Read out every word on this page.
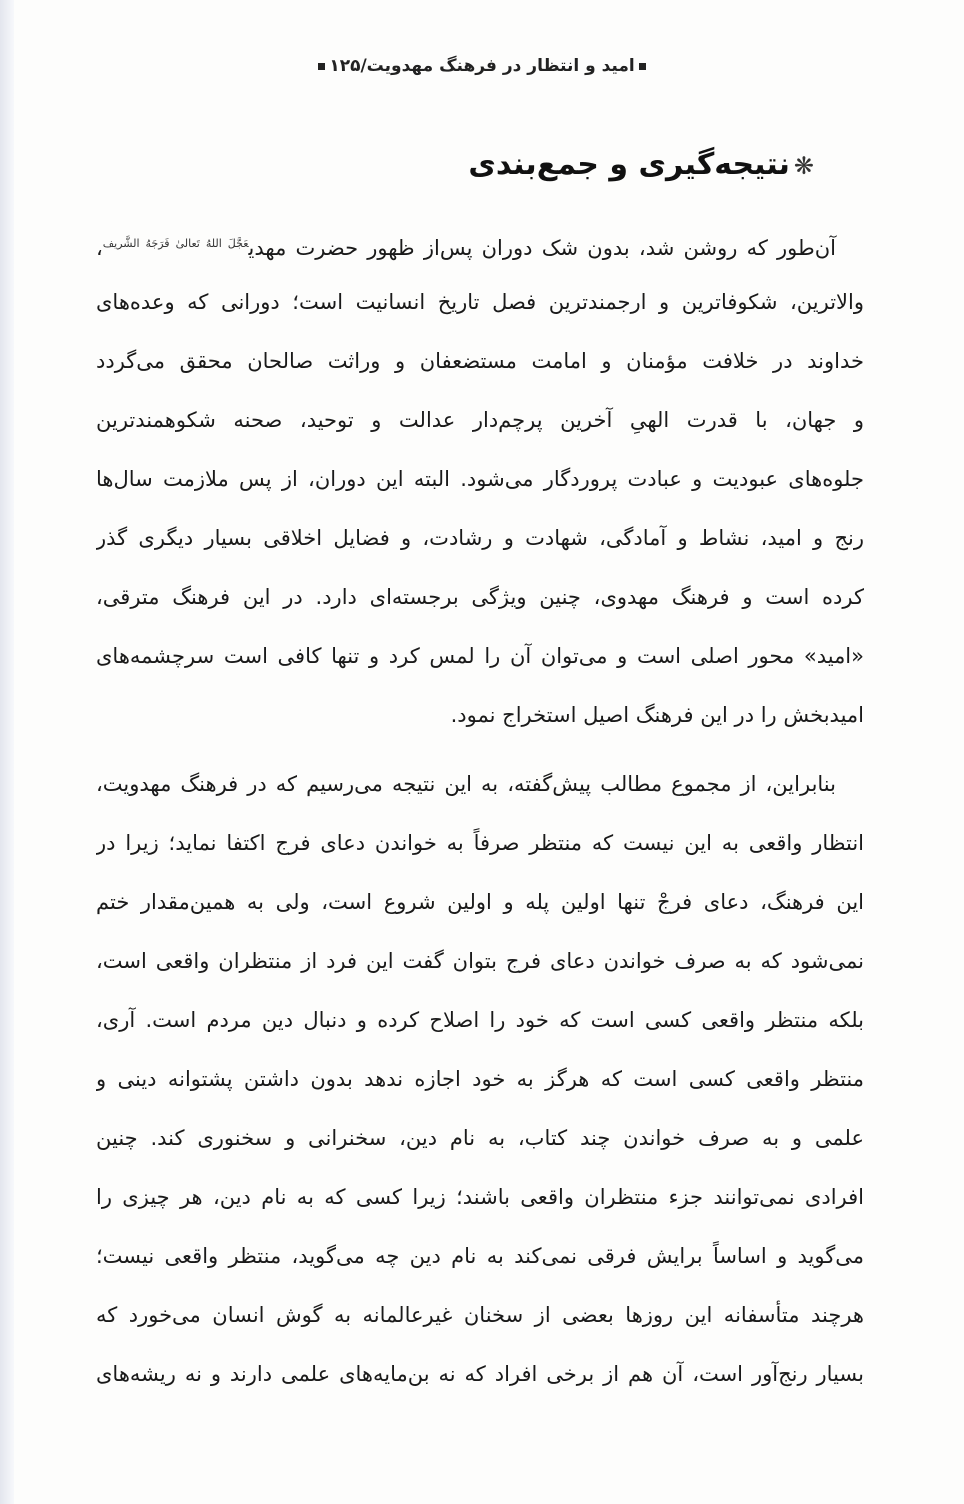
امید و انتظار در فرهنگ مهدویت/۱۲۵
❋نتیجه‌گیری و جمع‌بندی
آن‌طور که روشن شد، بدون شک دوران پس‌از ظهور حضرت مهدی$^{عَجَّلَ اللهُ تَعالیٰ فَرَجَهُ الشَّریف}$،
والاترین، شکوفاترین و ارجمندترین فصل تاریخ انسانیت است؛ دورانی که وعده‌های
خداوند در خلافت مؤمنان و امامت مستضعفان و وراثت صالحان محقق می‌گردد
و جهان، با قدرت الهیِ آخرین پرچم‌دار عدالت و توحید، صحنه شکوهمندترین
جلوه‌های عبودیت و عبادت پروردگار می‌شود. البته این دوران، از پس ملازمت سال‌ها
رنج و امید، نشاط و آمادگی، شهادت و رشادت، و فضایل اخلاقی بسیار دیگری گذر
کرده است و فرهنگ مهدوی، چنین ویژگی برجسته‌ای دارد. در این فرهنگ مترقی،
«امید» محور اصلی است و می‌توان آن را لمس کرد و تنها کافی است سرچشمه‌های
امیدبخش را در این فرهنگ اصیل استخراج نمود.
بنابراین، از مجموع مطالب پیش‌گفته، به این نتیجه می‌رسیم که در فرهنگ مهدویت،
انتظار واقعی به این نیست که منتظر صرفاً به خواندن دعای فرج اکتفا نماید؛ زیرا در
این فرهنگ، دعای فرجْ تنها اولین پله و اولین شروع است، ولی به همین‌مقدار ختم
نمی‌شود که به صرف خواندن دعای فرج بتوان گفت این فرد از منتظران واقعی است،
بلکه منتظر واقعی کسی است که خود را اصلاح کرده و دنبال دین مردم است. آری،
منتظر واقعی کسی است که هرگز به خود اجازه ندهد بدون داشتن پشتوانه دینی و
علمی و به صرف خواندن چند کتاب، به نام دین، سخنرانی و سخنوری کند. چنین
افرادی نمی‌توانند جزء منتظران واقعی باشند؛ زیرا کسی که به نام دین، هر چیزی را
می‌گوید و اساساً برایش فرقی نمی‌کند به نام دین چه می‌گوید، منتظر واقعی نیست؛
هرچند متأسفانه این روزها بعضی از سخنان غیرعالمانه به گوش انسان می‌خورد که
بسیار رنج‌آور است، آن هم از برخی افراد که نه بن‌مایه‌های علمی دارند و نه ریشه‌های
